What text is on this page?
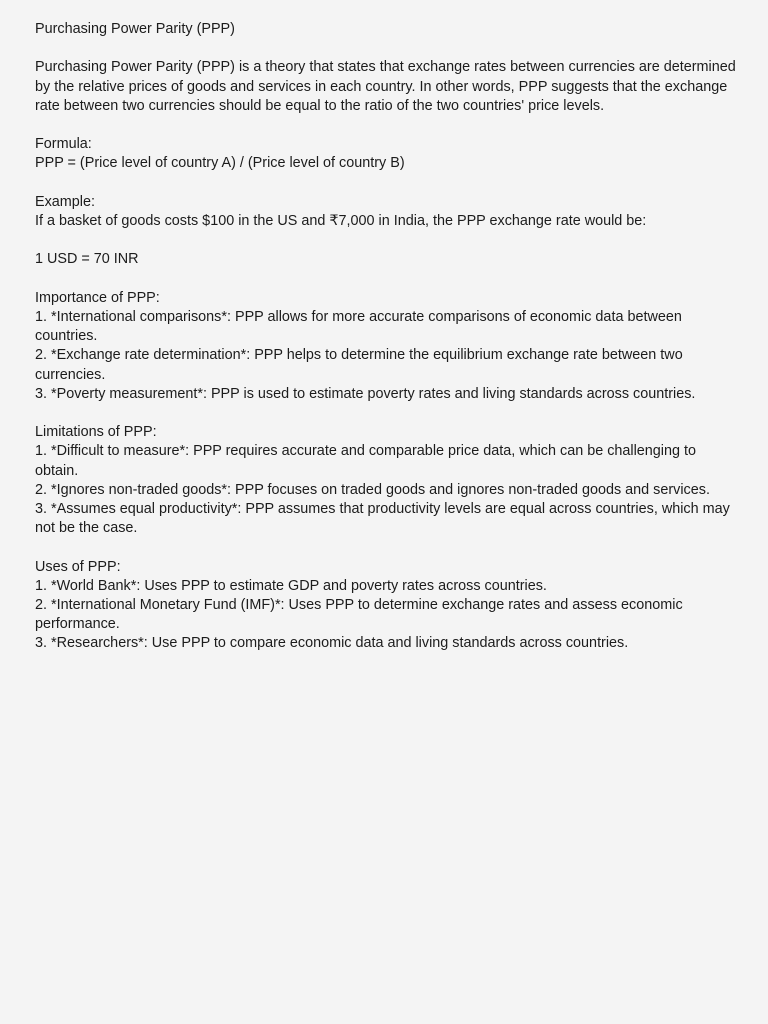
Purchasing Power Parity (PPP)
Purchasing Power Parity (PPP) is a theory that states that exchange rates between currencies are determined by the relative prices of goods and services in each country. In other words, PPP suggests that the exchange rate between two currencies should be equal to the ratio of the two countries' price levels.
Formula:
PPP = (Price level of country A) / (Price level of country B)
Example:
If a basket of goods costs $100 in the US and ₹7,000 in India, the PPP exchange rate would be:
1 USD = 70 INR
Importance of PPP:
1. *International comparisons*: PPP allows for more accurate comparisons of economic data between countries.
2. *Exchange rate determination*: PPP helps to determine the equilibrium exchange rate between two currencies.
3. *Poverty measurement*: PPP is used to estimate poverty rates and living standards across countries.
Limitations of PPP:
1. *Difficult to measure*: PPP requires accurate and comparable price data, which can be challenging to obtain.
2. *Ignores non-traded goods*: PPP focuses on traded goods and ignores non-traded goods and services.
3. *Assumes equal productivity*: PPP assumes that productivity levels are equal across countries, which may not be the case.
Uses of PPP:
1. *World Bank*: Uses PPP to estimate GDP and poverty rates across countries.
2. *International Monetary Fund (IMF)*: Uses PPP to determine exchange rates and assess economic performance.
3. *Researchers*: Use PPP to compare economic data and living standards across countries.
